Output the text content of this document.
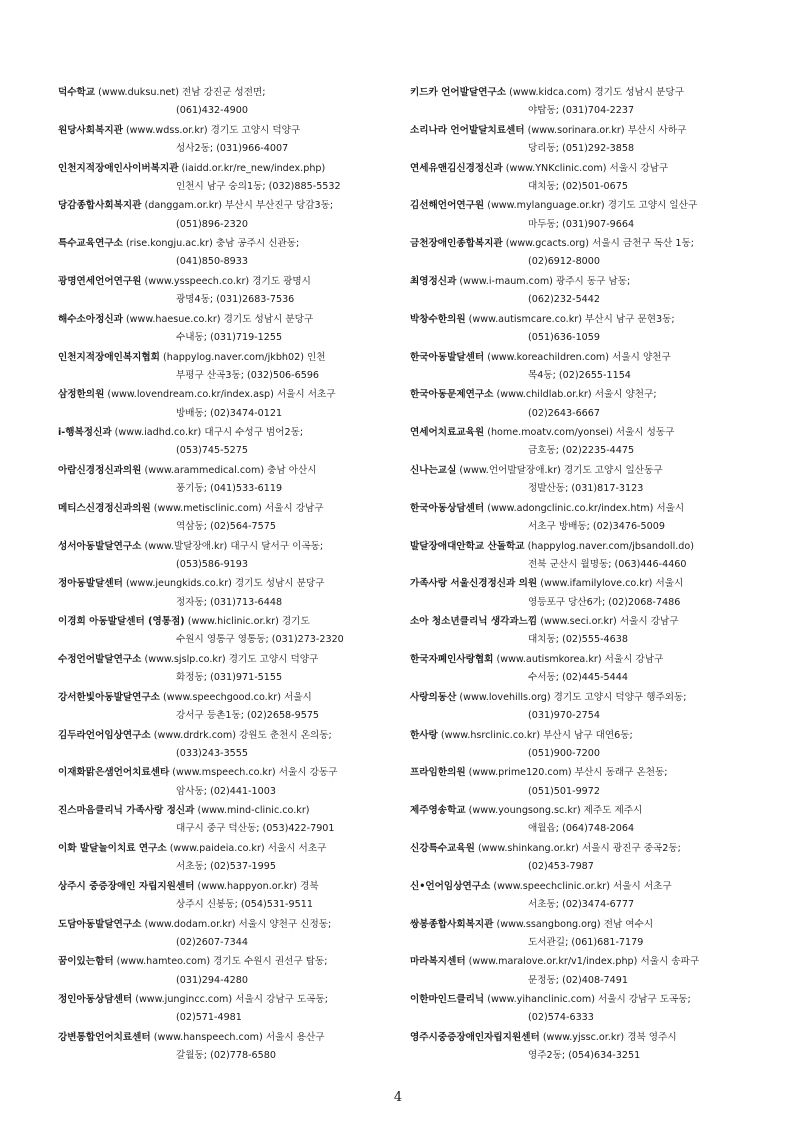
덕수학교 (www.duksu.net) 전남 강진군 성전면;
(061)432-4900
원당사회복지관 (www.wdss.or.kr) 경기도 고양시 덕양구
성사2동; (031)966-4007
인천지적장애인사이버복지관 (iaidd.or.kr/re_new/index.php)
인천시 남구 숭의1동; (032)885-5532
당감종합사회복지관 (danggam.or.kr) 부산시 부산진구 당감3동;
(051)896-2320
특수교육연구소 (rise.kongju.ac.kr) 충남 공주시 신관동;
(041)850-8933
광명연세언어연구원 (www.ysspeech.co.kr) 경기도 광명시
광명4동; (031)2683-7536
해수소아정신과 (www.haesue.co.kr) 경기도 성남시 분당구
수내동; (031)719-1255
인천지적장애인복지협회 (happylog.naver.com/jkbh02) 인천
부평구 산곡3동; (032)506-6596
삼정한의원 (www.lovendream.co.kr/index.asp) 서울시 서초구
방배동; (02)3474-0121
i-행복정신과 (www.iadhd.co.kr) 대구시 수성구 범어2동;
(053)745-5275
아람신경정신과의원 (www.arammedical.com) 충남 아산시
풍기동; (041)533-6119
메티스신경정신과의원 (www.metisclinic.com) 서울시 강남구
역삼동; (02)564-7575
성서아동발달연구소 (www.발달장애.kr) 대구시 달서구 이곡동;
(053)586-9193
정아동발달센터 (www.jeungkids.co.kr) 경기도 성남시 분당구
정자동; (031)713-6448
이경희 아동발달센터 (영통점) (www.hiclinic.or.kr) 경기도
수원시 영통구 영통동; (031)273-2320
수정언어발달연구소 (www.sjslp.co.kr) 경기도 고양시 덕양구
화정동; (031)971-5155
강서한빛아동발달연구소 (www.speechgood.co.kr) 서울시
강서구 등촌1동; (02)2658-9575
김두라언어임상연구소 (www.drdrk.com) 강원도 춘천시 온의동;
(033)243-3555
이재화맑은샘언어치료센타 (www.mspeech.co.kr) 서울시 강동구
암사동; (02)441-1003
진스마음클리닉 가족사랑 정신과 (www.mind-clinic.co.kr)
대구시 중구 덕산동; (053)422-7901
이화 발달놀이치료 연구소 (www.paideia.co.kr) 서울시 서초구
서초동; (02)537-1995
상주시 중증장애인 자립지원센터 (www.happyon.or.kr) 경북
상주시 신봉동; (054)531-9511
도담아동발달연구소 (www.dodam.or.kr) 서울시 양천구 신정동;
(02)2607-7344
꿈이있는함터 (www.hamteo.com) 경기도 수원시 권선구 탑동;
(031)294-4280
정인아동상담센터 (www.jungincc.com) 서울시 강남구 도곡동;
(02)571-4981
강변통합언어치료센터 (www.hanspeech.com) 서울시 용산구
갈월동; (02)778-6580
키드카 언어발달연구소 (www.kidca.com) 경기도 성남시 분당구
야탑동; (031)704-2237
소리나라 언어발달치료센터 (www.sorinara.or.kr) 부산시 사하구
당리동; (051)292-3858
연세유앤김신경정신과 (www.YNKclinic.com) 서울시 강남구
대치동; (02)501-0675
김선해언어연구원 (www.mylanguage.or.kr) 경기도 고양시 일산구
마두동; (031)907-9664
금천장애인종합복지관 (www.gcacts.org) 서울시 금천구 독산 1동;
(02)6912-8000
최영정신과 (www.i-maum.com) 광주시 동구 남동;
(062)232-5442
박창수한의원 (www.autismcare.co.kr) 부산시 남구 문현3동;
(051)636-1059
한국아동발달센터 (www.koreachildren.com) 서울시 양천구
목4동; (02)2655-1154
한국아동문제연구소 (www.childlab.or.kr) 서울시 양천구;
(02)2643-6667
연세어치료교육원 (home.moatv.com/yonsei) 서울시 성동구
금호동; (02)2235-4475
신나는교실 (www.언어발달장애.kr) 경기도 고양시 일산동구
정발산동; (031)817-3123
한국아동상담센터 (www.adongclinic.co.kr/index.htm) 서울시
서초구 방배동; (02)3476-5009
발달장애대안학교 산돌학교 (happylog.naver.com/jbsandoll.do)
전북 군산시 월명동; (063)446-4460
가족사랑 서울신경정신과 의원 (www.ifamilylove.co.kr) 서울시
영등포구 당산6가; (02)2068-7486
소아 청소년클리닉 생각과느낌 (www.seci.or.kr) 서울시 강남구
대치동; (02)555-4638
한국자폐인사랑협회 (www.autismkorea.kr) 서울시 강남구
수서동; (02)445-5444
사랑의동산 (www.lovehills.org) 경기도 고양시 덕양구 행주외동;
(031)970-2754
한사랑 (www.hsrclinic.co.kr) 부산시 남구 대연6동;
(051)900-7200
프라임한의원 (www.prime120.com) 부산시 동래구 온천동;
(051)501-9972
제주영송학교 (www.youngsong.sc.kr) 제주도 제주시
애월읍; (064)748-2064
신강특수교육원 (www.shinkang.or.kr) 서울시 광진구 중곡2동;
(02)453-7987
신•언어임상연구소 (www.speechclinic.or.kr) 서울시 서초구
서초동; (02)3474-6777
쌍봉종합사회복지관 (www.ssangbong.org) 전남 여수시
도서관길; (061)681-7179
마라복지센터 (www.maralove.or.kr/v1/index.php) 서울시 송파구
문정동; (02)408-7491
이한마인드클리닉 (www.yihanclinic.com) 서울시 강남구 도곡동;
(02)574-6333
영주시중증장애인자립지원센터 (www.yjssc.or.kr) 경북 영주시
영주2동; (054)634-3251
4
